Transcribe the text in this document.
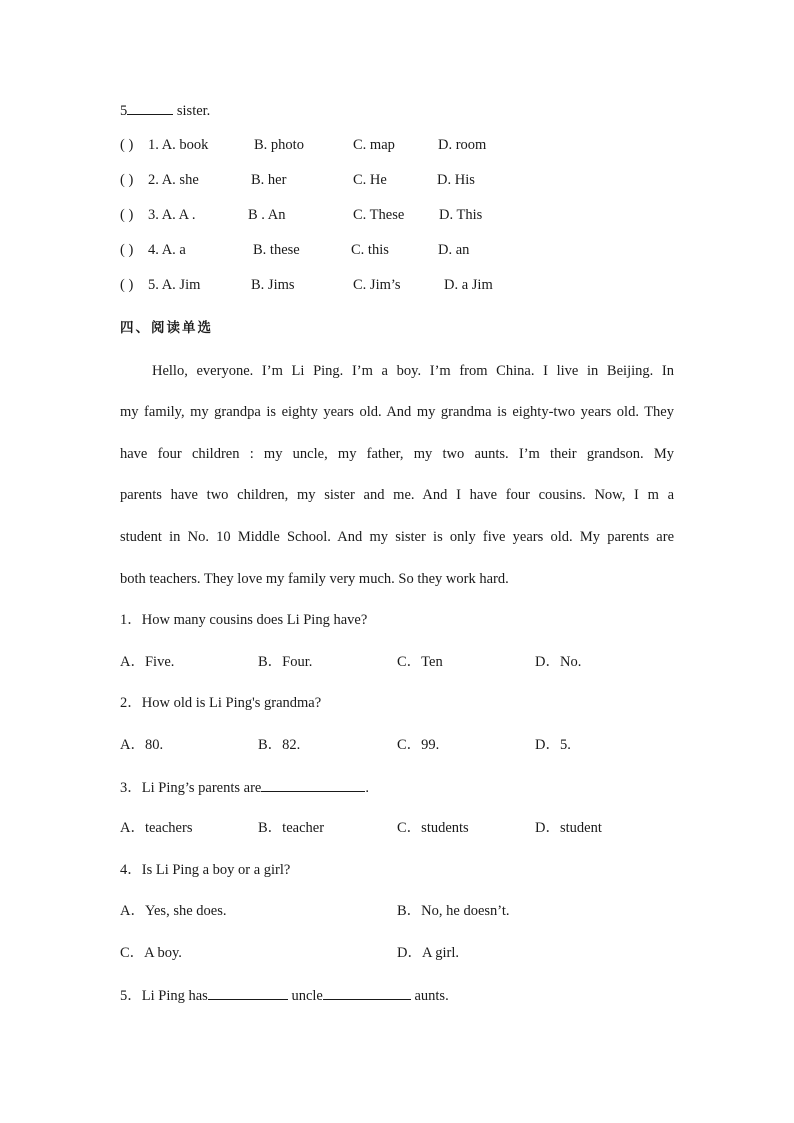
5	sister.
( ) 1. A. book	B. photo	C. map	D. room
( ) 2. A. she	B. her	C. He	D. His
( ) 3. A. A .	B . An	C. These D. This
( ) 4. A. a	B. these	C. this	D. an
( ) 5. A. Jim	B. Jims	C. Jim’s	D. a Jim
四、阅读单选
Hello, everyone. I’m Li Ping. I’m a boy. I’m from China. I live in Beijing. In
my family, my grandpa is eighty years old. And my grandma is eighty-two years old. They
have four children : my uncle, my father, my two aunts. I’m their grandson. My
parents have two children, my sister and me. And I have four cousins. Now, I m a
student in No. 10 Middle School. And my sister is only five years old. My parents are
both teachers. They love my family very much. So they work hard.
1．How many cousins does Li Ping have?
A．Five.	B．Four.	C．Ten	D．No.
2．How old is Li Ping's grandma?
A．80.	B．82.	C．99.	D．5.
3．Li Ping’s parents are	.
A．teachers	B．teacher	C．students	D．student
4．Is Li Ping a boy or a girl?
A．Yes, she does.	B．No, he doesn’t.
C．A boy.	D．A girl.
5．Li Ping has	uncle	aunts.
